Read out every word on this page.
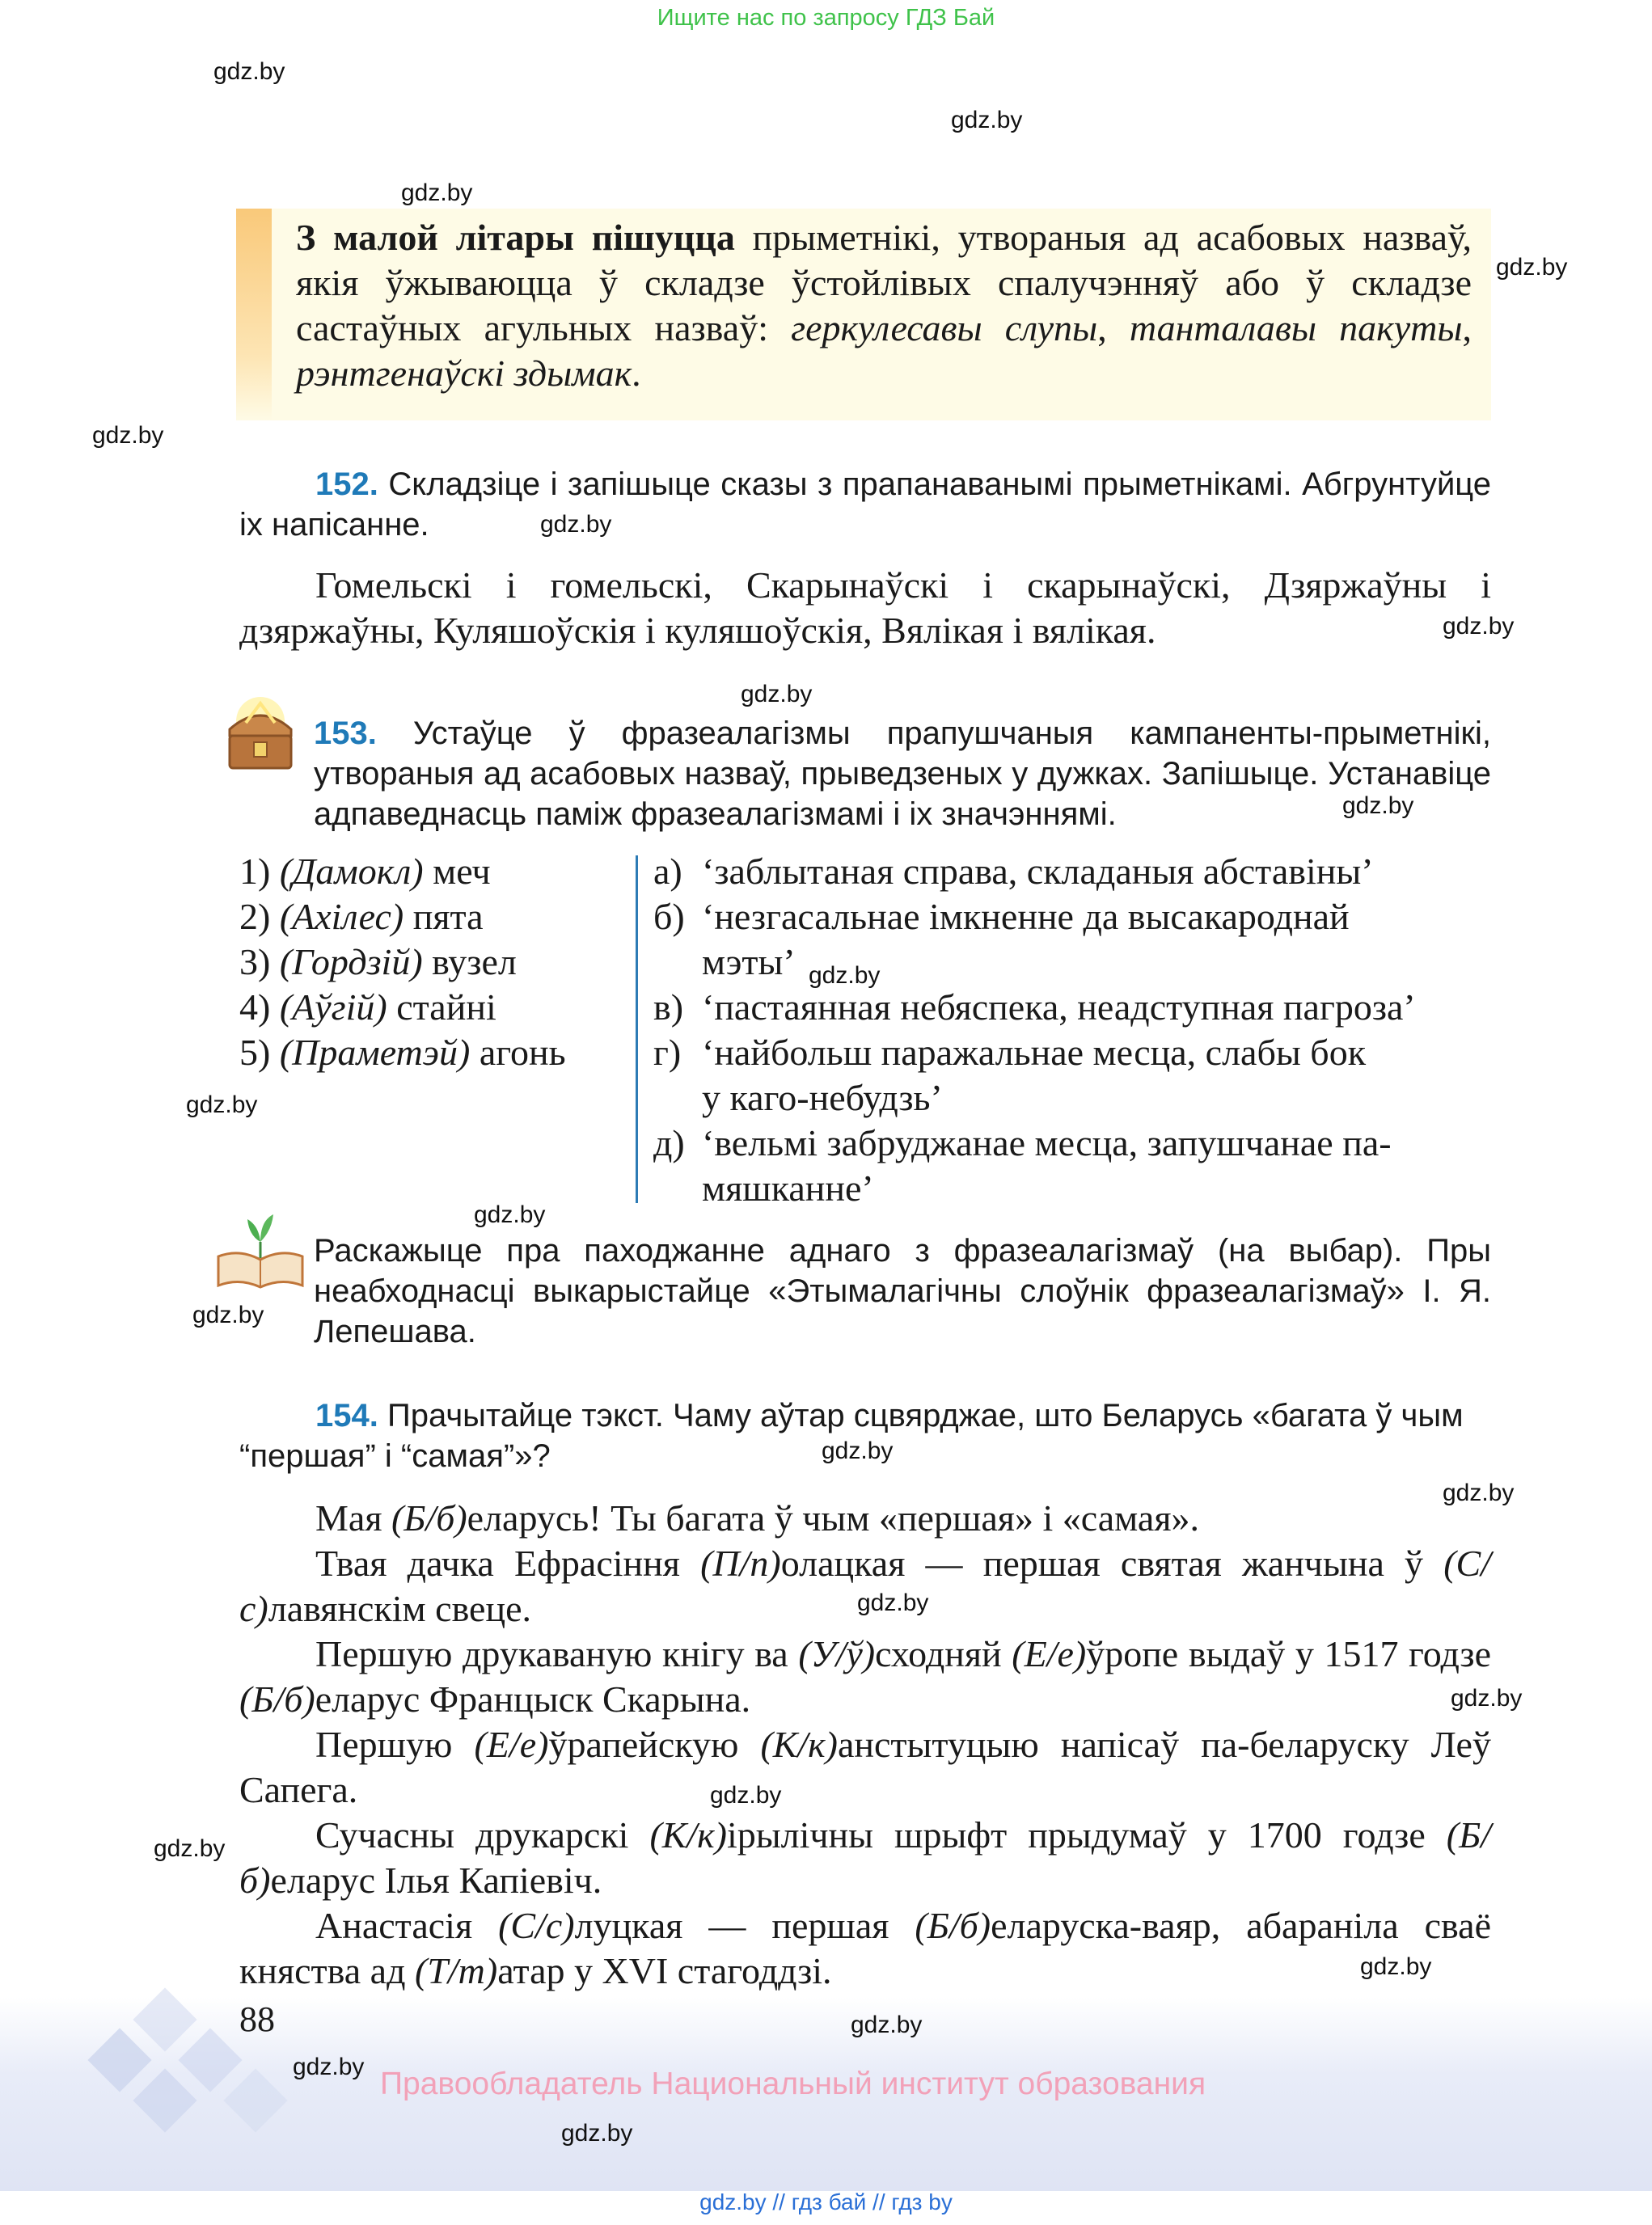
Ищите нас по запросу ГДЗ Бай
gdz.by
gdz.by
gdz.by
gdz.by
gdz.by
gdz.by
gdz.by
gdz.by
gdz.by
gdz.by
gdz.by
gdz.by
gdz.by
gdz.by
gdz.by
gdz.by
gdz.by
gdz.by
gdz.by
gdz.by
З малой літары пішуцца прыметнікі, утвораныя ад асабовых назваў, якія ўжываюцца ў складзе ўстойлівых спалучэнняў або ў складзе састаўных агульных назваў: геркулесавы слупы, танталавы пакуты, рэнтгенаўскі здымак.
152. Складзіце і запішыце сказы з прапанаванымі прыметнікамі. Абгрунтуйце іх напісанне.
Гомельскі і гомельскі, Скарынаўскі і скарынаўскі, Дзяржаўны і дзяржаўны, Куляшоўскія і куляшоўскія, Вялікая і вялікая.
153. Устаўце ў фразеалагізмы прапушчаныя кампаненты-прыметнікі, утвораныя ад асабовых назваў, прыведзеных у дужках. Запішыце. Устанавіце адпаведнасць паміж фразеалагізмамі і іх значэннямі.
1) (Дамокл) меч
2) (Ахілес) пята
3) (Гордзій) вузел
4) (Аўгій) стайні
5) (Праметэй) агонь
а) ‘заблытаная справа, складаныя абставіны’
б) ‘незгасальнае імкненне да высакароднай
мэты’
в) ‘пастаянная небяспека, неадступная пагроза’
г) ‘найбольш паражальнае месца, слабы бок
у каго-небудзь’
д) ‘вельмі забруджанае месца, запушчанае па-
мяшканне’
Раскажыце пра паходжанне аднаго з фразеалагізмаў (на выбар). Пры неабходнасці выкарыстайце «Этымалагічны слоўнік фразеалагізмаў» І. Я. Лепешава.
154. Прачытайце тэкст. Чаму аўтар сцвярджае, што Беларусь «багата ў чым “першая” і “самая”»?

Мая (Б/б)еларусь! Ты багата ў чым «першая» і «самая».

Твая дачка Ефрасіння (П/п)олацкая — першая святая жанчына ў (С/с)лавянскім свеце.

Першую друкаваную кнігу ва (У/ў)сходняй (Е/е)ўропе выдаў у 1517 годзе (Б/б)еларус Францыск Скарына.

Першую (Е/е)ўрапейскую (К/к)анстытуцыю напісаў па-беларуску Леў Сапега.

Сучасны друкарскі (К/к)ірылічны шрыфт прыдумаў у 1700 годзе (Б/б)еларус Ілья Капіевіч.

Анастасія (С/с)луцкая — першая (Б/б)еларуска-ваяр, абараніла сваё княства ад (Т/т)атар у XVI стагоддзі.

88	gdz.by
gdz.by Правообладатель Национальный институт образования
gdz.by
gdz.by // гдз бай // гдз by
